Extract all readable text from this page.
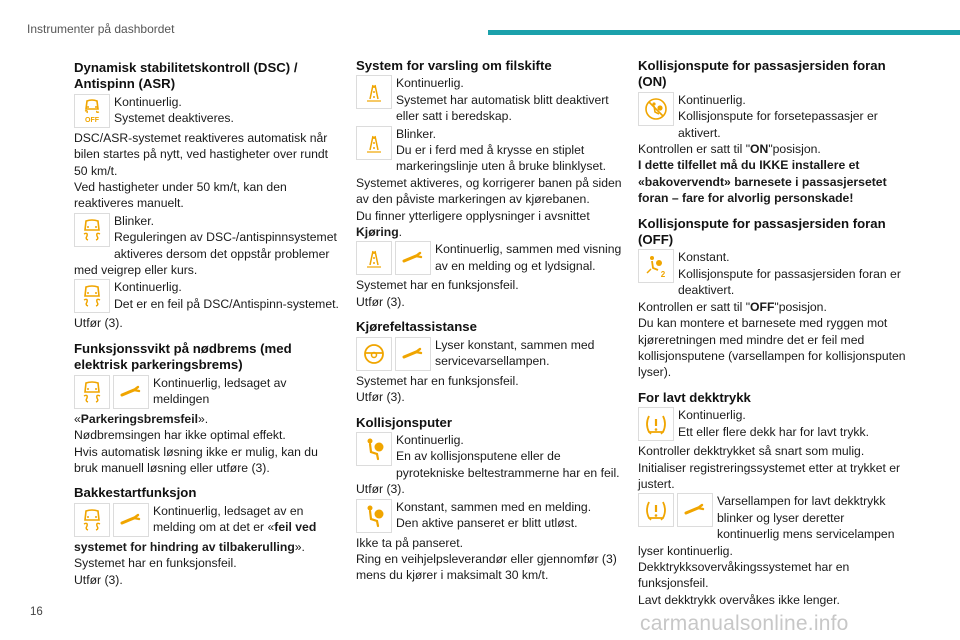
Instrumenter på dashbordet
Dynamisk stabilitetskontroll (DSC) / Antispinn (ASR)
OFF
Kontinuerlig.
Systemet deaktiveres.
DSC/ASR-systemet reaktiveres automatisk når bilen startes på nytt, ved hastigheter over rundt 50 km/t.
Ved hastigheter under 50 km/t, kan den reaktiveres manuelt.
Blinker.
Reguleringen av DSC-/antispinnsystemet aktiveres dersom det oppstår problemer med veigrep eller kurs.
Kontinuerlig.
Det er en feil på DSC/Antispinn-systemet.
Utfør (3).
Funksjonssvikt på nødbrems (med elektrisk parkeringsbrems)
Kontinuerlig, ledsaget av meldingen
«Parkeringsbremsfeil».
Nødbremsingen har ikke optimal effekt.
Hvis automatisk løsning ikke er mulig, kan du bruk manuell løsning eller utføre (3).
Bakkestartfunksjon
Kontinuerlig, ledsaget av en melding om at det er «feil ved
systemet for hindring av tilbakerulling».
Systemet har en funksjonsfeil.
Utfør (3).
System for varsling om filskifte
Kontinuerlig.
Systemet har automatisk blitt deaktivert eller satt i beredskap.
Blinker.
Du er i ferd med å krysse en stiplet markeringslinje uten å bruke blinklyset.
Systemet aktiveres, og korrigerer banen på siden av den påviste markeringen av kjørebanen.
Du finner ytterligere opplysninger i avsnittet
Kjøring.
Kontinuerlig, sammen med visning av en melding og et lydsignal.
Systemet har en funksjonsfeil.
Utfør (3).
Kjørefeltassistanse
Lyser konstant, sammen med servicevarsellampen.
Systemet har en funksjonsfeil.
Utfør (3).
Kollisjonsputer
Kontinuerlig.
En av kollisjonsputene eller de pyrotekniske beltestrammerne har en feil.
Utfør (3).
Konstant, sammen med en melding.
Den aktive panseret er blitt utløst.
Ikke ta på panseret.
Ring en veihjelpsleverandør eller gjennomfør (3) mens du kjører i maksimalt 30 km/t.
Kollisjonspute for passasjersiden foran (ON)
Kontinuerlig.
Kollisjonspute for forsetepassasjer er aktivert.
Kontrollen er satt til "ON"posisjon.
I dette tilfellet må du IKKE installere et «bakovervendt» barnesete i passasjersetet foran – fare for alvorlig personskade!
Kollisjonspute for passasjersiden foran (OFF)
2
Konstant.
Kollisjonspute for passasjersiden foran er deaktivert.
Kontrollen er satt til "OFF"posisjon.
Du kan montere et barnesete med ryggen mot kjøreretningen med mindre det er feil med kollisjonsputene (varsellampen for kollisjonsputen lyser).
For lavt dekktrykk
Kontinuerlig.
Ett eller flere dekk har for lavt trykk.
Kontroller dekktrykket så snart som mulig.
Initialiser registreringssystemet etter at trykket er justert.
Varsellampen for lavt dekktrykk blinker og lyser deretter kontinuerlig mens servicelampen lyser kontinuerlig.
Dekktrykksovervåkingssystemet har en funksjonsfeil.
Lavt dekktrykk overvåkes ikke lenger.
16	carmanualsonline.info
